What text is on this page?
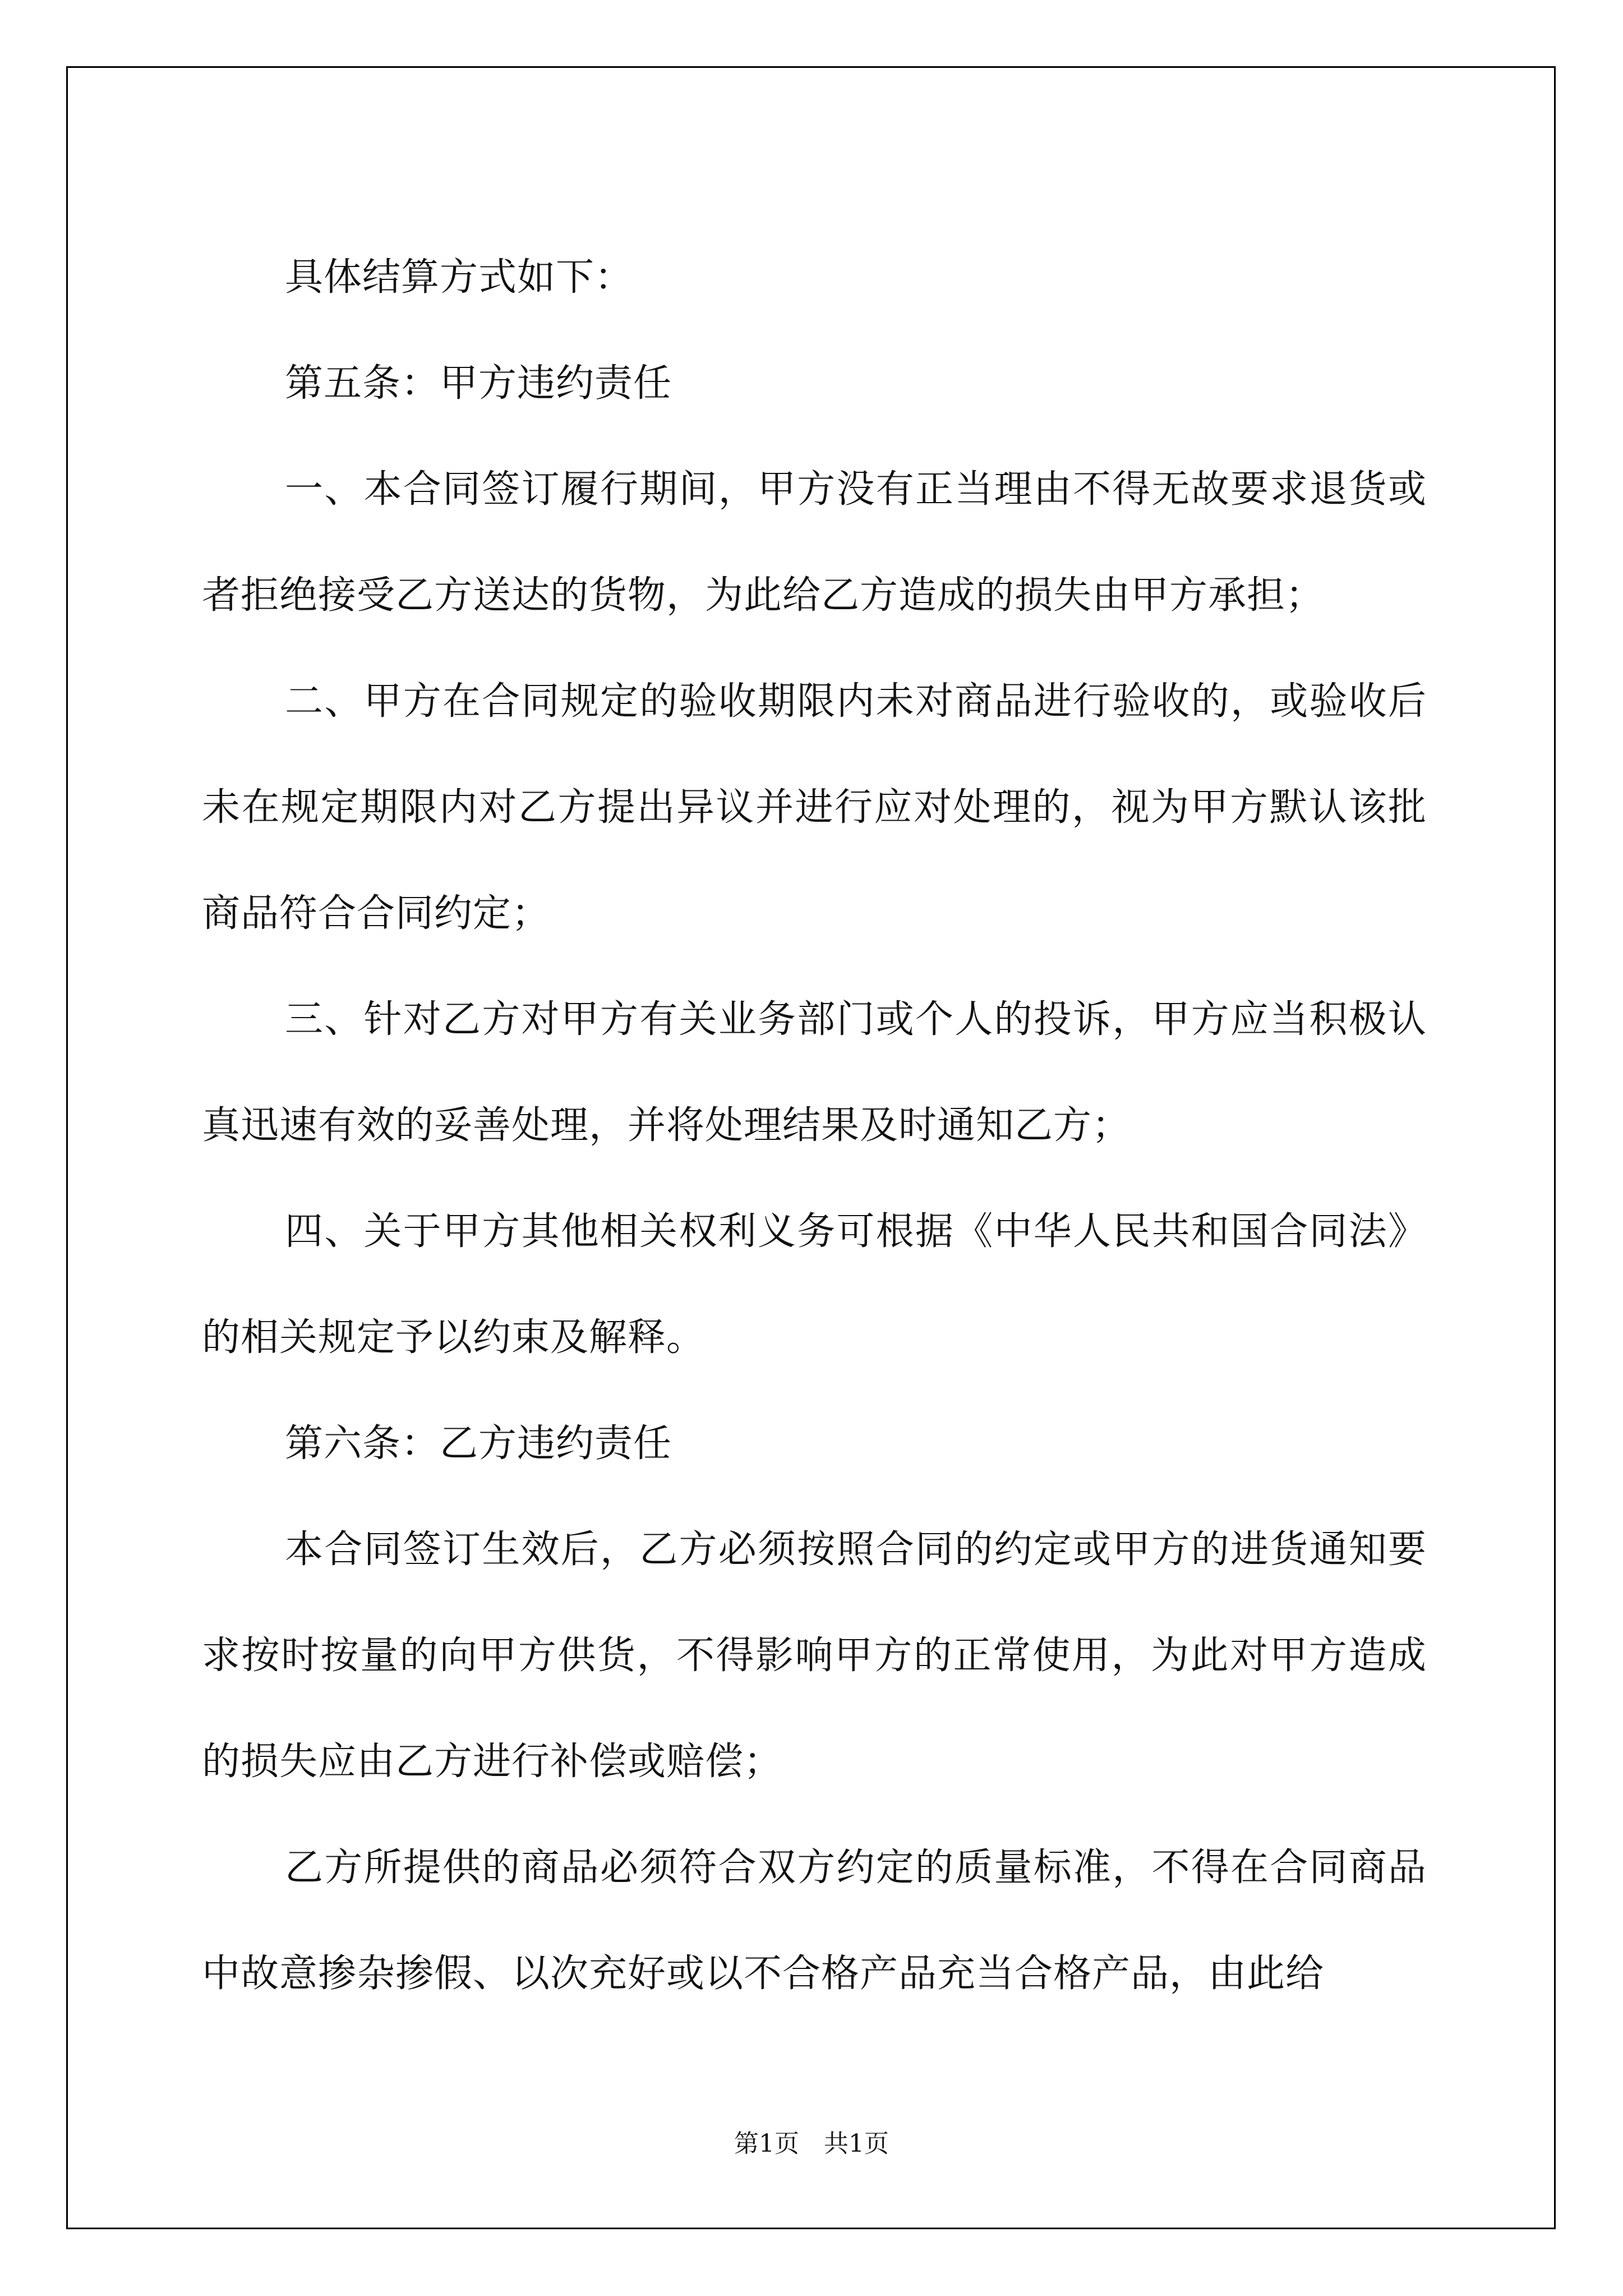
具体结算方式如下：

第五条：甲方违约责任

一、本合同签订履行期间，甲方没有正当理由不得无故要求退货或者拒绝接受乙方送达的货物，为此给乙方造成的损失由甲方承担；

二、甲方在合同规定的验收期限内未对商品进行验收的，或验收后未在规定期限内对乙方提出异议并进行应对处理的，视为甲方默认该批商品符合合同约定；

三、针对乙方对甲方有关业务部门或个人的投诉，甲方应当积极认真迅速有效的妥善处理，并将处理结果及时通知乙方；

四、关于甲方其他相关权利义务可根据《中华人民共和国合同法》的相关规定予以约束及解释。

第六条：乙方违约责任

本合同签订生效后，乙方必须按照合同的约定或甲方的进货通知要求按时按量的向甲方供货，不得影响甲方的正常使用，为此对甲方造成的损失应由乙方进行补偿或赔偿；

乙方所提供的商品必须符合双方约定的质量标准，不得在合同商品中故意掺杂掺假、以次充好或以不合格产品充当合格产品，由此给

第1页 共1页
